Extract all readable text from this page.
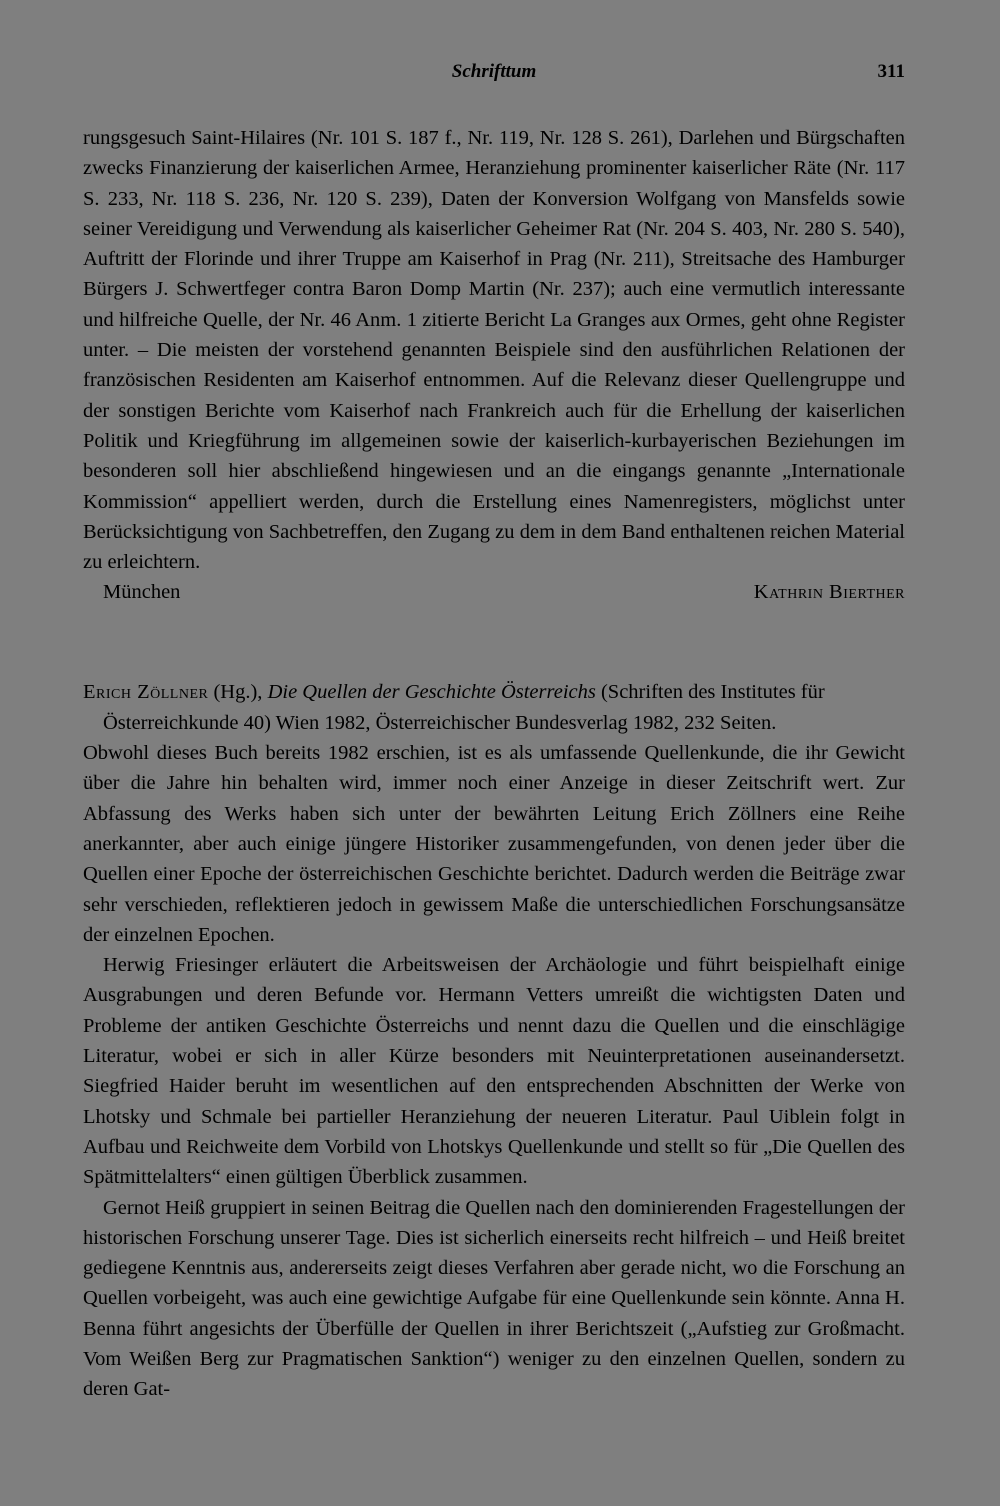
Schrifttum	311

rungsgesuch Saint-Hilaires (Nr. 101 S. 187 f., Nr. 119, Nr. 128 S. 261), Darlehen und Bürgschaften zwecks Finanzierung der kaiserlichen Armee, Heranziehung prominenter kaiserlicher Räte (Nr. 117 S. 233, Nr. 118 S. 236, Nr. 120 S. 239), Daten der Konversion Wolfgang von Mansfelds sowie seiner Vereidigung und Verwendung als kaiserlicher Geheimer Rat (Nr. 204 S. 403, Nr. 280 S. 540), Auftritt der Florinde und ihrer Truppe am Kaiserhof in Prag (Nr. 211), Streitsache des Hamburger Bürgers J. Schwertfeger contra Baron Domp Martin (Nr. 237); auch eine vermutlich interessante und hilfreiche Quelle, der Nr. 46 Anm. 1 zitierte Bericht La Granges aux Ormes, geht ohne Register unter. – Die meisten der vorstehend genannten Beispiele sind den ausführlichen Relationen der französischen Residenten am Kaiserhof entnommen. Auf die Relevanz dieser Quellengruppe und der sonstigen Berichte vom Kaiserhof nach Frankreich auch für die Erhellung der kaiserlichen Politik und Kriegführung im allgemeinen sowie der kaiserlich-kurbayerischen Beziehungen im besonderen soll hier abschließend hingewiesen und an die eingangs genannte „Internationale Kommission“ appelliert werden, durch die Erstellung eines Namenregisters, möglichst unter Berücksichtigung von Sachbetreffen, den Zugang zu dem in dem Band enthaltenen reichen Material zu erleichtern.

München	Kathrin Bierther
Erich Zöllner (Hg.), Die Quellen der Geschichte Österreichs (Schriften des Institutes für
Österreichkunde 40) Wien 1982, Österreichischer Bundesverlag 1982, 232 Seiten.

Obwohl dieses Buch bereits 1982 erschien, ist es als umfassende Quellenkunde, die ihr Gewicht über die Jahre hin behalten wird, immer noch einer Anzeige in dieser Zeitschrift wert. Zur Abfassung des Werks haben sich unter der bewährten Leitung Erich Zöllners eine Reihe anerkannter, aber auch einige jüngere Historiker zusammengefunden, von denen jeder über die Quellen einer Epoche der österreichischen Geschichte berichtet. Dadurch werden die Beiträge zwar sehr verschieden, reflektieren jedoch in gewissem Maße die unterschiedlichen Forschungsansätze der einzelnen Epochen.

Herwig Friesinger erläutert die Arbeitsweisen der Archäologie und führt beispielhaft einige Ausgrabungen und deren Befunde vor. Hermann Vetters umreißt die wichtigsten Daten und Probleme der antiken Geschichte Österreichs und nennt dazu die Quellen und die einschlägige Literatur, wobei er sich in aller Kürze besonders mit Neuinterpretationen auseinandersetzt. Siegfried Haider beruht im wesentlichen auf den entsprechenden Abschnitten der Werke von Lhotsky und Schmale bei partieller Heranziehung der neueren Literatur. Paul Uiblein folgt in Aufbau und Reichweite dem Vorbild von Lhotskys Quellenkunde und stellt so für „Die Quellen des Spätmittelalters“ einen gültigen Überblick zusammen.

Gernot Heiß gruppiert in seinen Beitrag die Quellen nach den dominierenden Fragestellungen der historischen Forschung unserer Tage. Dies ist sicherlich einerseits recht hilfreich – und Heiß breitet gediegene Kenntnis aus, andererseits zeigt dieses Verfahren aber gerade nicht, wo die Forschung an Quellen vorbeigeht, was auch eine gewichtige Aufgabe für eine Quellenkunde sein könnte. Anna H. Benna führt angesichts der Überfülle der Quellen in ihrer Berichtszeit („Aufstieg zur Großmacht. Vom Weißen Berg zur Pragmatischen Sanktion“) weniger zu den einzelnen Quellen, sondern zu deren Gat-
